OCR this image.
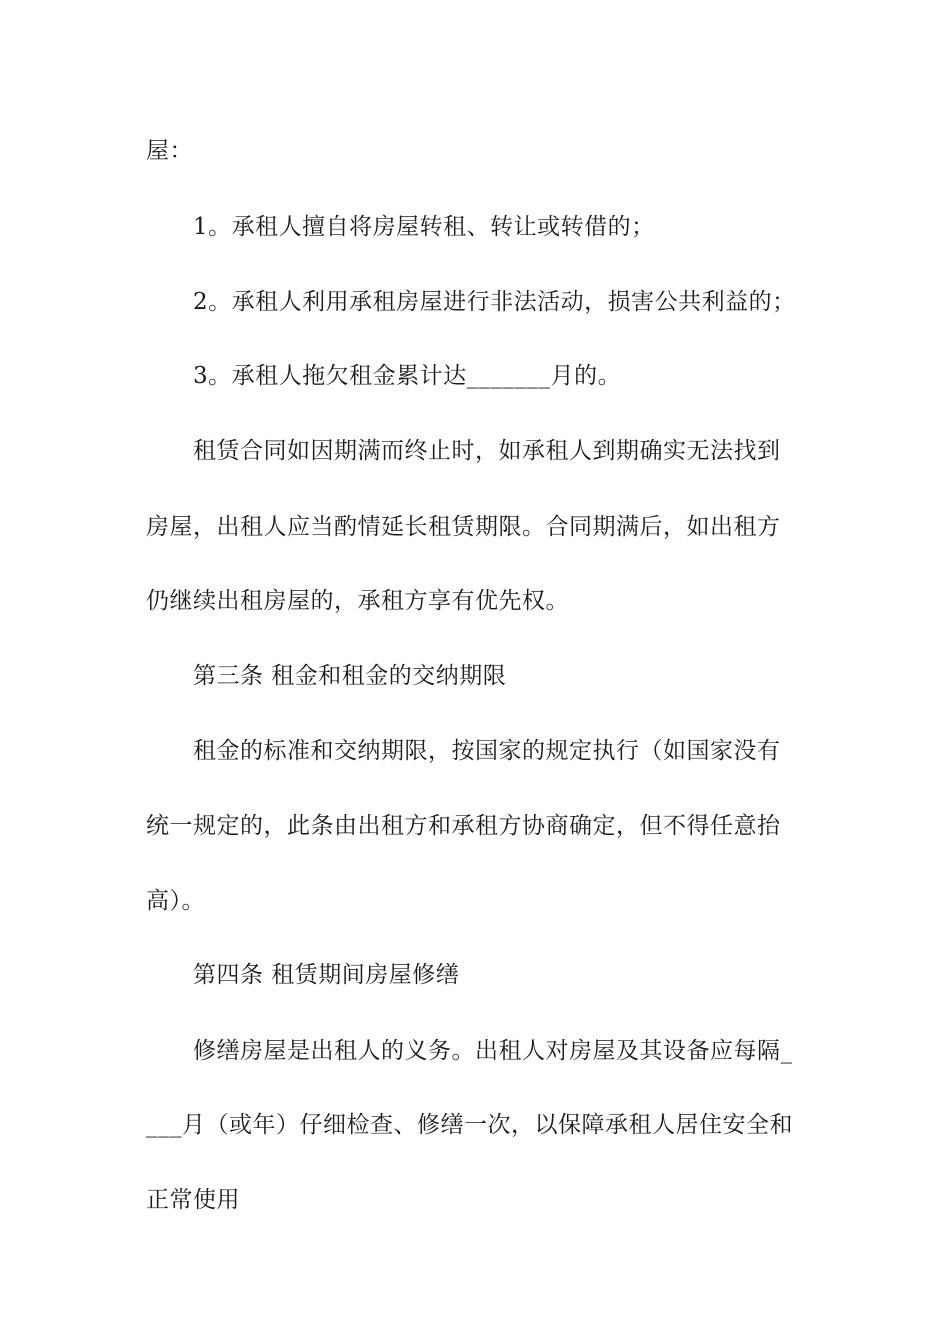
屋：
1。承租人擅自将房屋转租、转让或转借的；
2。承租人利用承租房屋进行非法活动，损害公共利益的；
3。承租人拖欠租金累计达_______月的。
租赁合同如因期满而终止时，如承租人到期确实无法找到
房屋，出租人应当酌情延长租赁期限。合同期满后，如出租方
仍继续出租房屋的，承租方享有优先权。
第三条 租金和租金的交纳期限
租金的标准和交纳期限，按国家的规定执行（如国家没有
统一规定的，此条由出租方和承租方协商确定，但不得任意抬
高）。
第四条 租赁期间房屋修缮
修缮房屋是出租人的义务。出租人对房屋及其设备应每隔_
___月（或年）仔细检查、修缮一次，以保障承租人居住安全和
正常使用
